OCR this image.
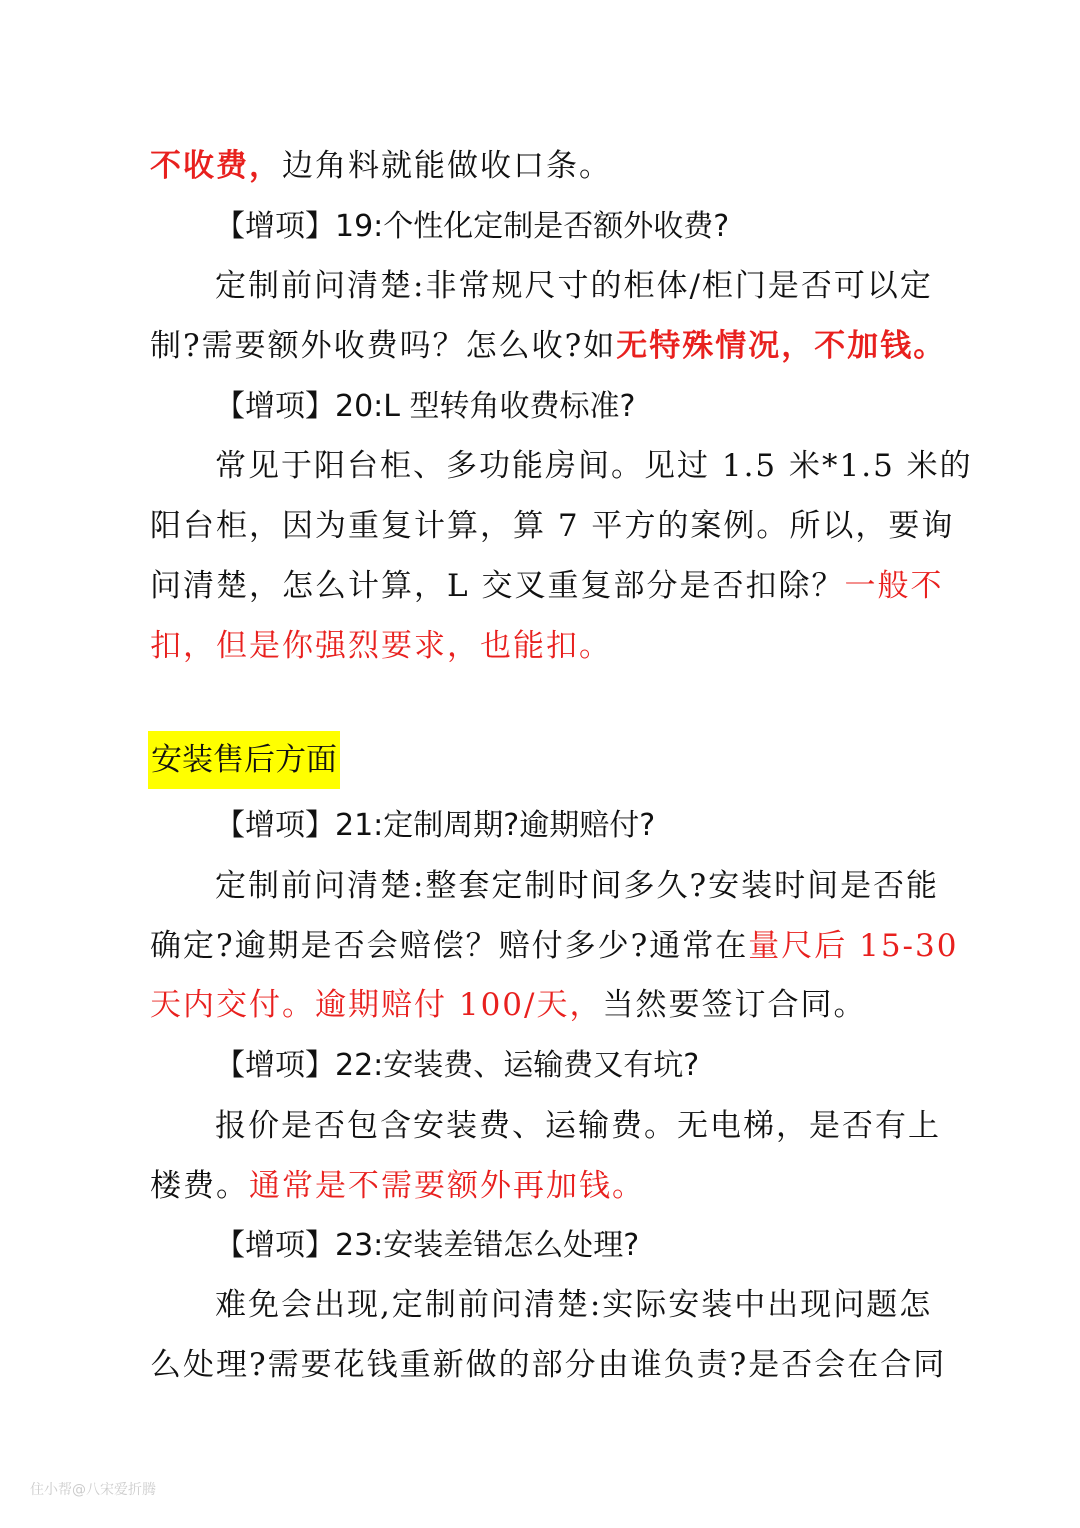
不收费，边角料就能做收口条。
【增项】19:个性化定制是否额外收费?
定制前问清楚:非常规尺寸的柜体/柜门是否可以定
制?需要额外收费吗？怎么收?如无特殊情况，不加钱。
【增项】20:L 型转角收费标准?
常见于阳台柜、多功能房间。见过 1.5 米*1.5 米的
阳台柜，因为重复计算，算 7 平方的案例。所以，要询
问清楚，怎么计算，L 交叉重复部分是否扣除？一般不
扣，但是你强烈要求，也能扣。
安装售后方面
【增项】21:定制周期?逾期赔付?
定制前问清楚:整套定制时间多久?安装时间是否能
确定?逾期是否会赔偿？赔付多少?通常在量尺后 15-30
天内交付。逾期赔付 100/天，当然要签订合同。
【增项】22:安装费、运输费又有坑?
报价是否包含安装费、运输费。无电梯，是否有上
楼费。通常是不需要额外再加钱。
【增项】23:安装差错怎么处理?
难免会出现,定制前问清楚:实际安装中出现问题怎
么处理?需要花钱重新做的部分由谁负责?是否会在合同
住小帮@八宋爱折腾
